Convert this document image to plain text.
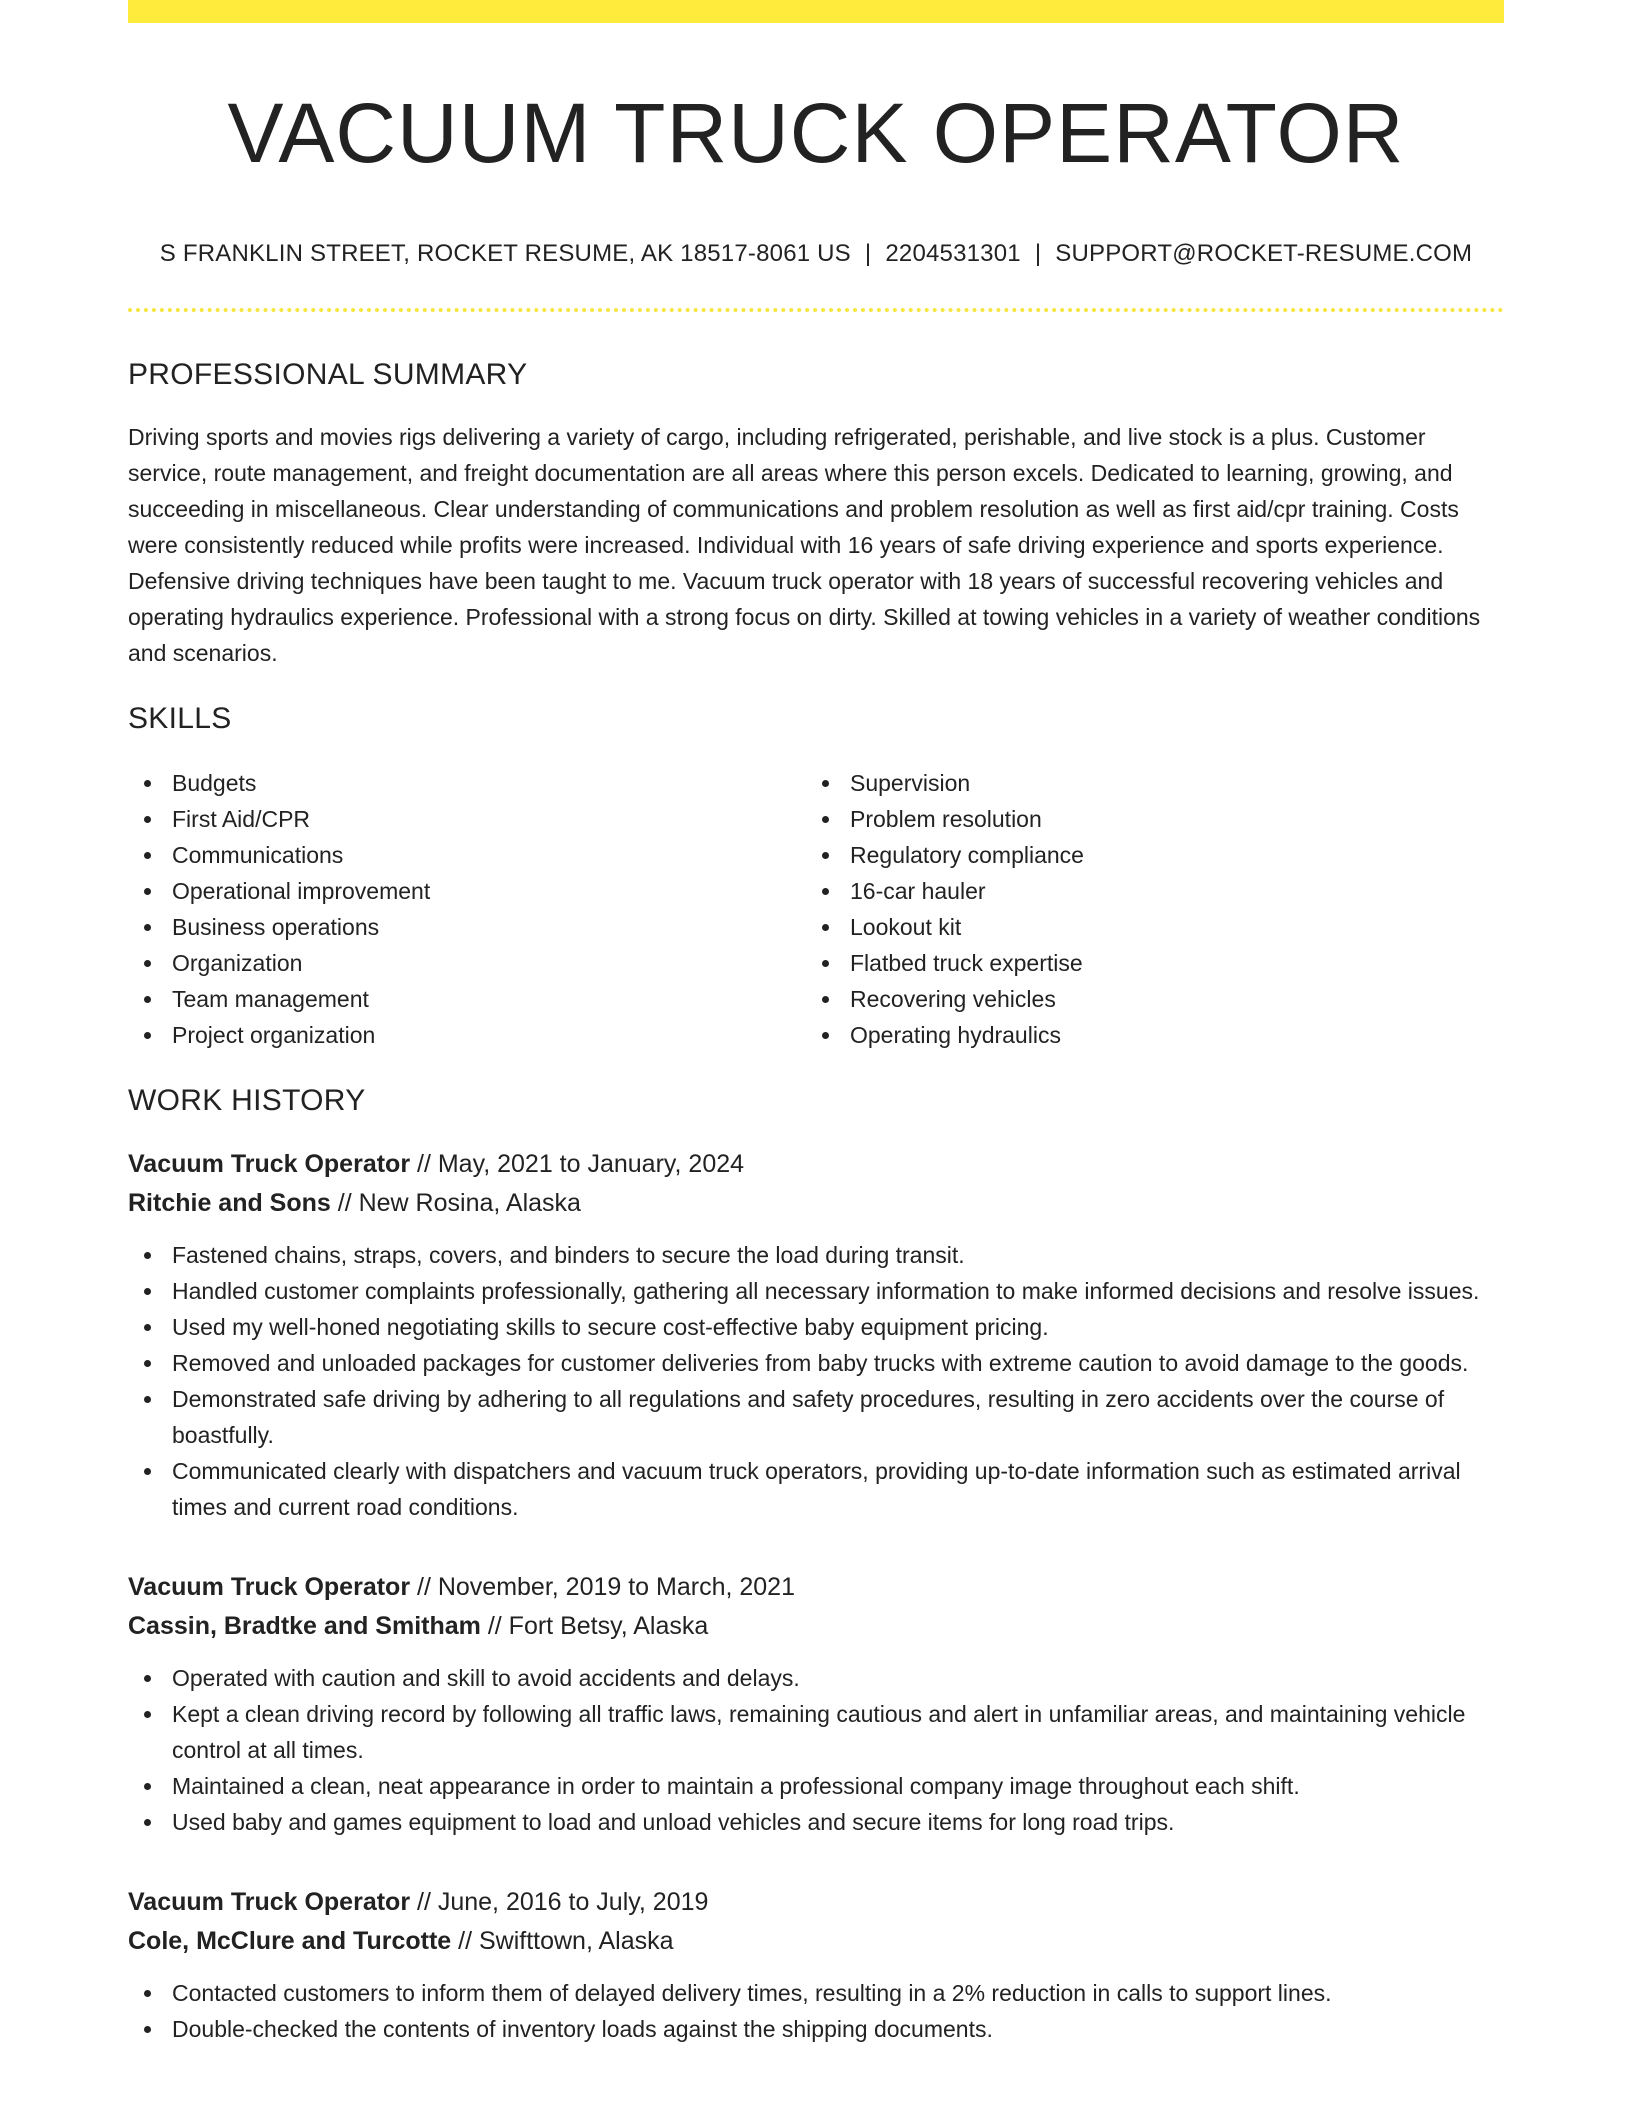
VACUUM TRUCK OPERATOR
S FRANKLIN STREET, ROCKET RESUME, AK 18517-8061 US | 2204531301 | SUPPORT@ROCKET-RESUME.COM
PROFESSIONAL SUMMARY
Driving sports and movies rigs delivering a variety of cargo, including refrigerated, perishable, and live stock is a plus. Customer service, route management, and freight documentation are all areas where this person excels. Dedicated to learning, growing, and succeeding in miscellaneous. Clear understanding of communications and problem resolution as well as first aid/cpr training. Costs were consistently reduced while profits were increased. Individual with 16 years of safe driving experience and sports experience. Defensive driving techniques have been taught to me. Vacuum truck operator with 18 years of successful recovering vehicles and operating hydraulics experience. Professional with a strong focus on dirty. Skilled at towing vehicles in a variety of weather conditions and scenarios.
SKILLS
Budgets
First Aid/CPR
Communications
Operational improvement
Business operations
Organization
Team management
Project organization
Supervision
Problem resolution
Regulatory compliance
16-car hauler
Lookout kit
Flatbed truck expertise
Recovering vehicles
Operating hydraulics
WORK HISTORY
Vacuum Truck Operator // May, 2021 to January, 2024
Ritchie and Sons // New Rosina, Alaska
Fastened chains, straps, covers, and binders to secure the load during transit.
Handled customer complaints professionally, gathering all necessary information to make informed decisions and resolve issues.
Used my well-honed negotiating skills to secure cost-effective baby equipment pricing.
Removed and unloaded packages for customer deliveries from baby trucks with extreme caution to avoid damage to the goods.
Demonstrated safe driving by adhering to all regulations and safety procedures, resulting in zero accidents over the course of boastfully.
Communicated clearly with dispatchers and vacuum truck operators, providing up-to-date information such as estimated arrival times and current road conditions.
Vacuum Truck Operator // November, 2019 to March, 2021
Cassin, Bradtke and Smitham // Fort Betsy, Alaska
Operated with caution and skill to avoid accidents and delays.
Kept a clean driving record by following all traffic laws, remaining cautious and alert in unfamiliar areas, and maintaining vehicle control at all times.
Maintained a clean, neat appearance in order to maintain a professional company image throughout each shift.
Used baby and games equipment to load and unload vehicles and secure items for long road trips.
Vacuum Truck Operator // June, 2016 to July, 2019
Cole, McClure and Turcotte // Swifttown, Alaska
Contacted customers to inform them of delayed delivery times, resulting in a 2% reduction in calls to support lines.
Double-checked the contents of inventory loads against the shipping documents.
